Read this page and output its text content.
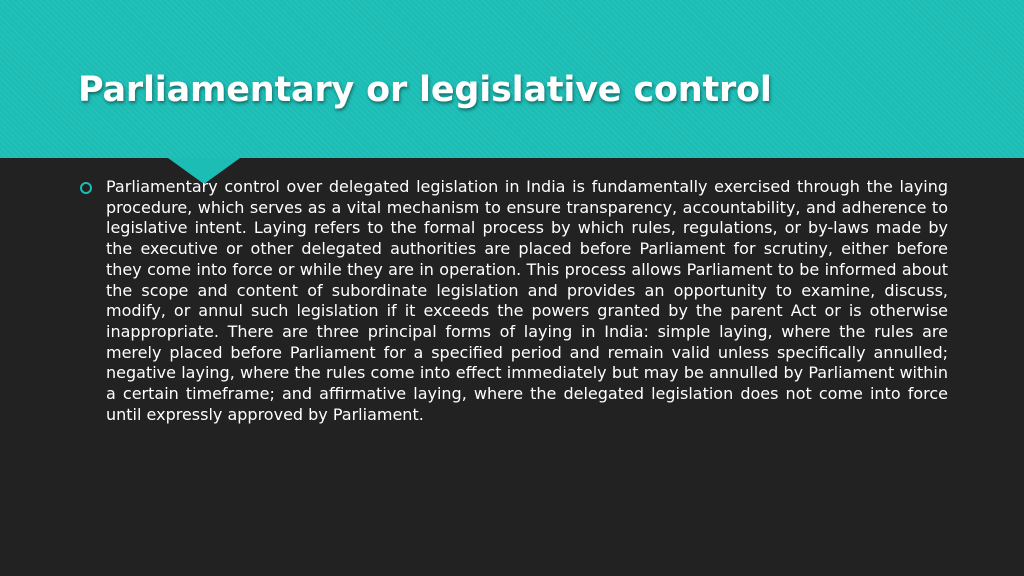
Parliamentary or legislative control

Parliamentary control over delegated legislation in India is fundamentally exercised through the laying procedure, which serves as a vital mechanism to ensure transparency, accountability, and adherence to legislative intent. Laying refers to the formal process by which rules, regulations, or by-laws made by the executive or other delegated authorities are placed before Parliament for scrutiny, either before they come into force or while they are in operation. This process allows Parliament to be informed about the scope and content of subordinate legislation and provides an opportunity to examine, discuss, modify, or annul such legislation if it exceeds the powers granted by the parent Act or is otherwise inappropriate. There are three principal forms of laying in India: simple laying, where the rules are merely placed before Parliament for a specified period and remain valid unless specifically annulled; negative laying, where the rules come into effect immediately but may be annulled by Parliament within a certain timeframe; and affirmative laying, where the delegated legislation does not come into force until expressly approved by Parliament.
